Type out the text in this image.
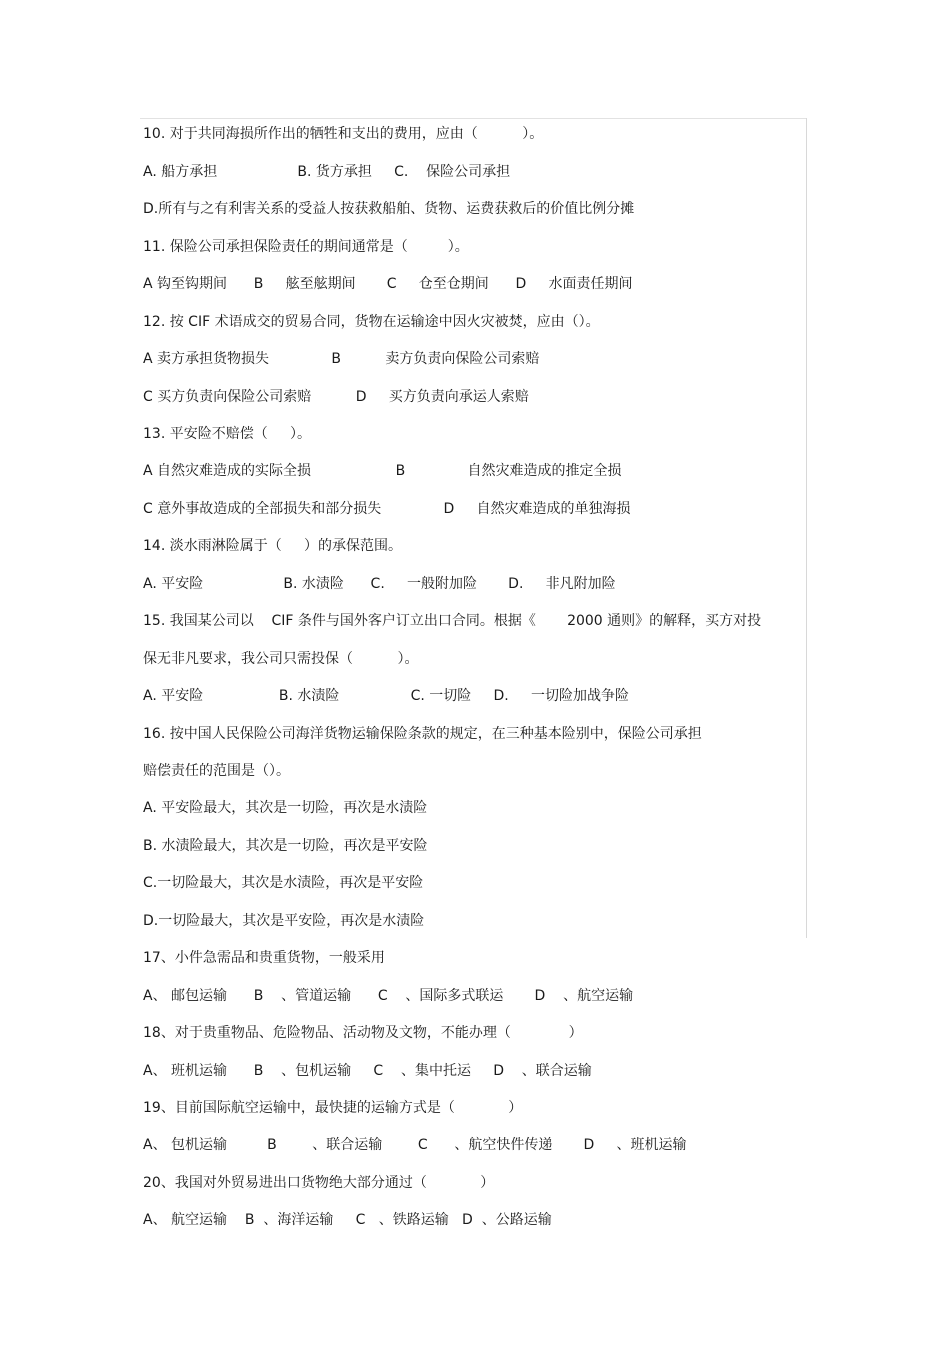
10. 对于共同海损所作出的牺牲和支出的费用，应由（          ）。
A. 船方承担                  B. 货方承担     C.    保险公司承担
D.所有与之有利害关系的受益人按获救船舶、货物、运费获救后的价值比例分摊
11. 保险公司承担保险责任的期间通常是（         ）。
A 钩至钩期间      B     舷至舷期间       C     仓至仓期间      D     水面责任期间
12. 按 CIF 术语成交的贸易合同，货物在运输途中因火灾被焚，应由（）。
A 卖方承担货物损失              B          卖方负责向保险公司索赔
C 买方负责向保险公司索赔          D     买方负责向承运人索赔
13. 平安险不赔偿（     ）。
A 自然灾难造成的实际全损                   B              自然灾难造成的推定全损
C 意外事故造成的全部损失和部分损失              D     自然灾难造成的单独海损
14. 淡水雨淋险属于（     ）的承保范围。
A. 平安险                  B. 水渍险      C.     一般附加险       D.     非凡附加险
15. 我国某公司以    CIF 条件与国外客户订立出口合同。根据《       2000 通则》的解释，买方对投
保无非凡要求，我公司只需投保（          ）。
A. 平安险                 B. 水渍险                C. 一切险     D.     一切险加战争险
16. 按中国人民保险公司海洋货物运输保险条款的规定，在三种基本险别中，保险公司承担
赔偿责任的范围是（）。
A. 平安险最大，其次是一切险，再次是水渍险
B. 水渍险最大，其次是一切险，再次是平安险
C.一切险最大，其次是水渍险，再次是平安险
D.一切险最大，其次是平安险，再次是水渍险
17、小件急需品和贵重货物，一般采用
A、 邮包运输      B    、管道运输      C    、国际多式联运       D    、航空运输
18、对于贵重物品、危险物品、活动物及文物，不能办理（             ）
A、 班机运输      B    、包机运输     C    、集中托运     D    、联合运输
19、目前国际航空运输中，最快捷的运输方式是（            ）
A、 包机运输         B        、联合运输        C      、航空快件传递       D     、班机运输
20、我国对外贸易进出口货物绝大部分通过（            ）
A、 航空运输    B  、海洋运输     C   、铁路运输   D  、公路运输
